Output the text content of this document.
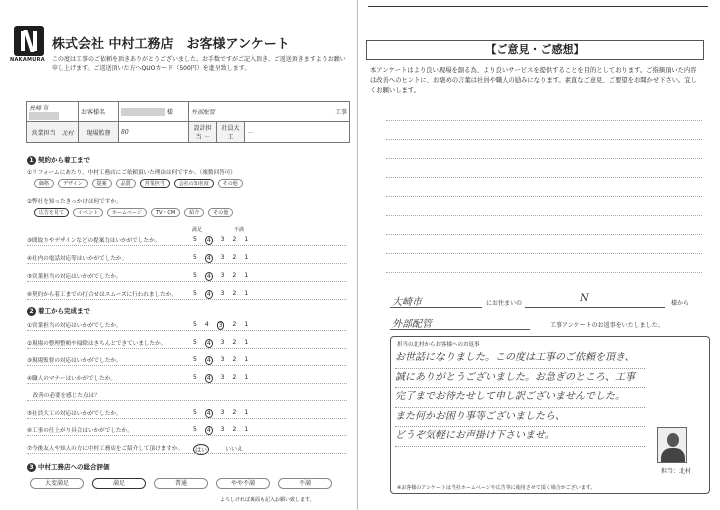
NAKAMURA
株式会社 中村工務店　お客様アンケート
この度は工事のご依頼を頂きありがとうございました。お手数ですがご記入頂き、ご返送頂きますようお願い申し上げます。ご返送頂いた方へQUOカード（500円）を進呈致します。
長崎 市	お客様名	様	外部配管 工事		

営業担当 北村	現場監督	80	設計担当 －	社員大工	－
1 契約から着工まで
①リフォームにあたり、中村工務店にご依頼頂いた理由は何ですか。（複数回答可）
価格	デザイン	提案	品質	営業担当	会社の知名度	その他
②弊社を知ったきっかけは何ですか。
広告を見て	イベント	ホームページ	TV・CM	紹介	その他
満足	不満
③間取りやデザインなどの提案力はいかがでしたか。	5	4	3 2 1
④社内の電話対応等はいかがでしたか。	5	4	3 2 1
⑤営業担当の対応はいかがでしたか。	5	4	3 2 1
⑥契約から着工までの打合せはスムーズに行われましたか。	5	4	3 2 1
2 着工から完成まで
①営業担当の対応はいかがでしたか。	5 4	3	2 1
②現場の整理整頓や掃除はきちんとできていましたか。	5	4	3 2 1
③現場監督の対応はいかがでしたか。	5	4	3 2 1
④職人のマナーはいかがでしたか。	5	4	3 2 1
　改善の必要を感じた点は？
⑤社員大工の対応はいかがでしたか。	5	4	3 2 1
⑥工事の仕上がり具合はいかがでしたか。	5	4	3 2 1
⑦今後友人や知人の方に中村工務店をご紹介して頂けますか。	はい	いいえ
3 中村工務店への総合評価
大変満足	満足	普通	やや不満	不満
よろしければ裏面も記入お願い致します。
【ご意見・ご感想】
本アンケートはより良い現場を創る為、より良いサービスを提供することを目的としております。ご指摘頂いた内容は改善へのヒントに、お褒めの言葉は社員や職人の励みになります。素直なご意見、ご要望をお聞かせ下さい。宜しくお願いします。
大崎市	にお住まいの	N	様から
外部配管	工事アンケートのお返事をいたしました。
担当の北村からお客様へのお返事
お世話になりました。この度は工事のご依頼を頂き、
誠にありがとうございました。お急ぎのところ、工事
完了までお待たせして申し訳ございませんでした。
また何かお困り事等ございましたら、
どうぞ気軽にお声掛け下さいませ。
担当：北村
※お客様のアンケートは当社ホームページや広告等に使用させて頂く場合がございます。
